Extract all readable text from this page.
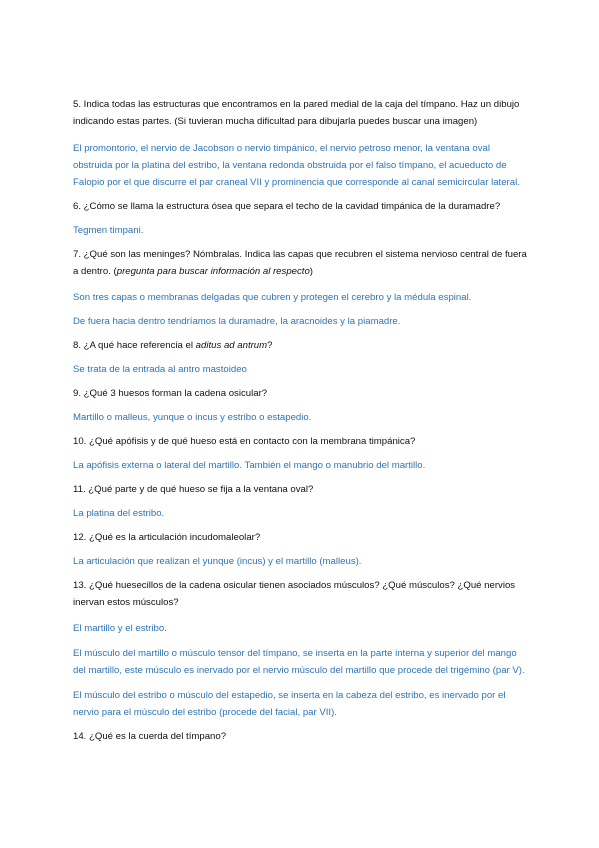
5. Indica todas las estructuras que encontramos en la pared medial de la caja del tímpano. Haz un dibujo indicando estas partes. (Si tuvieran mucha dificultad para dibujarla puedes buscar una imagen)

El promontorio, el nervio de Jacobson o nervio timpánico, el nervio petroso menor, la ventana oval obstruida por la platina del estribo, la ventana redonda obstruida por el falso tímpano, el acueducto de Falopio por el que discurre el par craneal VII y prominencia que corresponde al canal semicircular lateral.

6. ¿Cómo se llama la estructura ósea que separa el techo de la cavidad timpánica de la duramadre?

Tegmen timpani.

7. ¿Qué son las meninges? Nómbralas. Indica las capas que recubren el sistema nervioso central de fuera a dentro. (pregunta para buscar información al respecto)

Son tres capas o membranas delgadas que cubren y protegen el cerebro y la médula espinal.

De fuera hacia dentro tendríamos la duramadre, la aracnoides y la piamadre.

8. ¿A qué hace referencia el aditus ad antrum?

Se trata de la entrada al antro mastoideo

9. ¿Qué 3 huesos forman la cadena osicular?

Martillo o malleus, yunque o incus y estribo o estapedio.

10. ¿Qué apófisis y de qué hueso está en contacto con la membrana timpánica?

La apófisis externa o lateral del martillo. También el mango o manubrio del martillo.

11. ¿Qué parte y de qué hueso se fija a la ventana oval?

La platina del estribo.

12. ¿Qué es la articulación incudomaleolar?

La articulación que realizan el yunque (incus) y el martillo (malleus).

13. ¿Qué huesecillos de la cadena osicular tienen asociados músculos? ¿Qué músculos? ¿Qué nervios inervan estos músculos?

El martillo y el estribo.

El músculo del martillo o músculo tensor del tímpano, se inserta en la parte interna y superior del mango del martillo, este músculo es inervado por el nervio músculo del martillo que procede del trigémino (par V).

El músculo del estribo o músculo del estapedio, se inserta en la cabeza del estribo, es inervado por el nervio para el músculo del estribo (procede del facial, par VII).

14. ¿Qué es la cuerda del tímpano?
